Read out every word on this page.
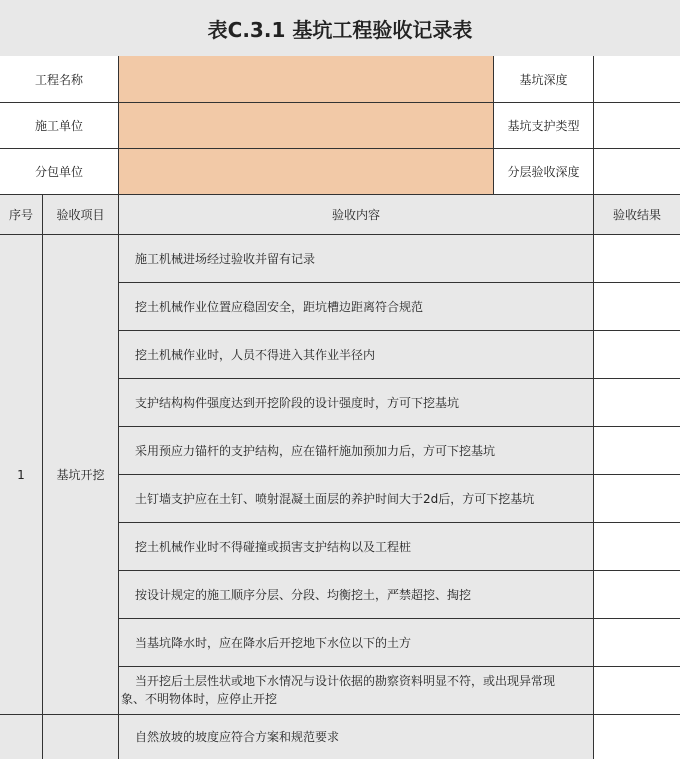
表C.3.1 基坑工程验收记录表
工程名称	基坑深度
施工单位	基坑支护类型
分包单位	分层验收深度
序号	验收项目	验收内容	验收结果
1	基坑开挖
施工机械进场经过验收并留有记录
挖土机械作业位置应稳固安全，距坑槽边距离符合规范
挖土机械作业时，人员不得进入其作业半径内
支护结构构件强度达到开挖阶段的设计强度时，方可下挖基坑
采用预应力锚杆的支护结构，应在锚杆施加预加力后，方可下挖基坑
土钉墙支护应在土钉、喷射混凝土面层的养护时间大于2d后，方可下挖基坑
挖土机械作业时不得碰撞或损害支护结构以及工程桩
按设计规定的施工顺序分层、分段、均衡挖土，严禁超挖、掏挖
当基坑降水时，应在降水后开挖地下水位以下的土方
当开挖后土层性状或地下水情况与设计依据的勘察资料明显不符，或出现异常现
象、不明物体时，应停止开挖
自然放坡的坡度应符合方案和规范要求
